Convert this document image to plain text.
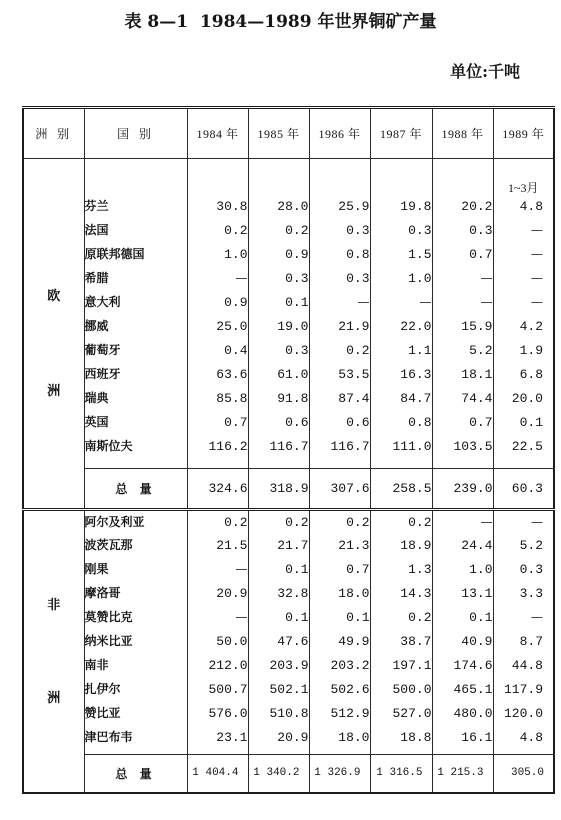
表 8—1  1984—1989 年世界铜矿产量
单位:千吨
洲 别	国 别	1984 年	1985 年	1986 年	1987 年	1988 年	1989 年

欧
洲							1~3月
	芬兰	30.8	28.0	25.9	19.8	20.2	4.8
	法国	0.2	0.2	0.3	0.3	0.3	—
	原联邦德国	1.0	0.9	0.8	1.5	0.7	—
	希腊	—	0.3	0.3	1.0	—	—
	意大利	0.9	0.1	—	—	—	—
	挪威	25.0	19.0	21.9	22.0	15.9	4.2
	葡萄牙	0.4	0.3	0.2	1.1	5.2	1.9
	西班牙	63.6	61.0	53.5	16.3	18.1	6.8
	瑞典	85.8	91.8	87.4	84.7	74.4	20.0
	英国	0.7	0.6	0.6	0.8	0.7	0.1
	南斯位夫	116.2	116.7	116.7	111.0	103.5	22.5

	总 量	324.6	318.9	307.6	258.5	239.0	60.3

非
洲	阿尔及利亚	0.2	0.2	0.2	0.2	—	—
	波茨瓦那	21.5	21.7	21.3	18.9	24.4	5.2
	刚果	—	0.1	0.7	1.3	1.0	0.3
	摩洛哥	20.9	32.8	18.0	14.3	13.1	3.3
	莫赞比克	—	0.1	0.1	0.2	0.1	—
	纳米比亚	50.0	47.6	49.9	38.7	40.9	8.7
	南非	212.0	203.9	203.2	197.1	174.6	44.8
	扎伊尔	500.7	502.1	502.6	500.0	465.1	117.9
	赞比亚	576.0	510.8	512.9	527.0	480.0	120.0
	津巴布韦	23.1	20.9	18.0	18.8	16.1	4.8

	总 量	1 404.4	1 340.2	1 326.9	1 316.5	1 215.3	305.0
